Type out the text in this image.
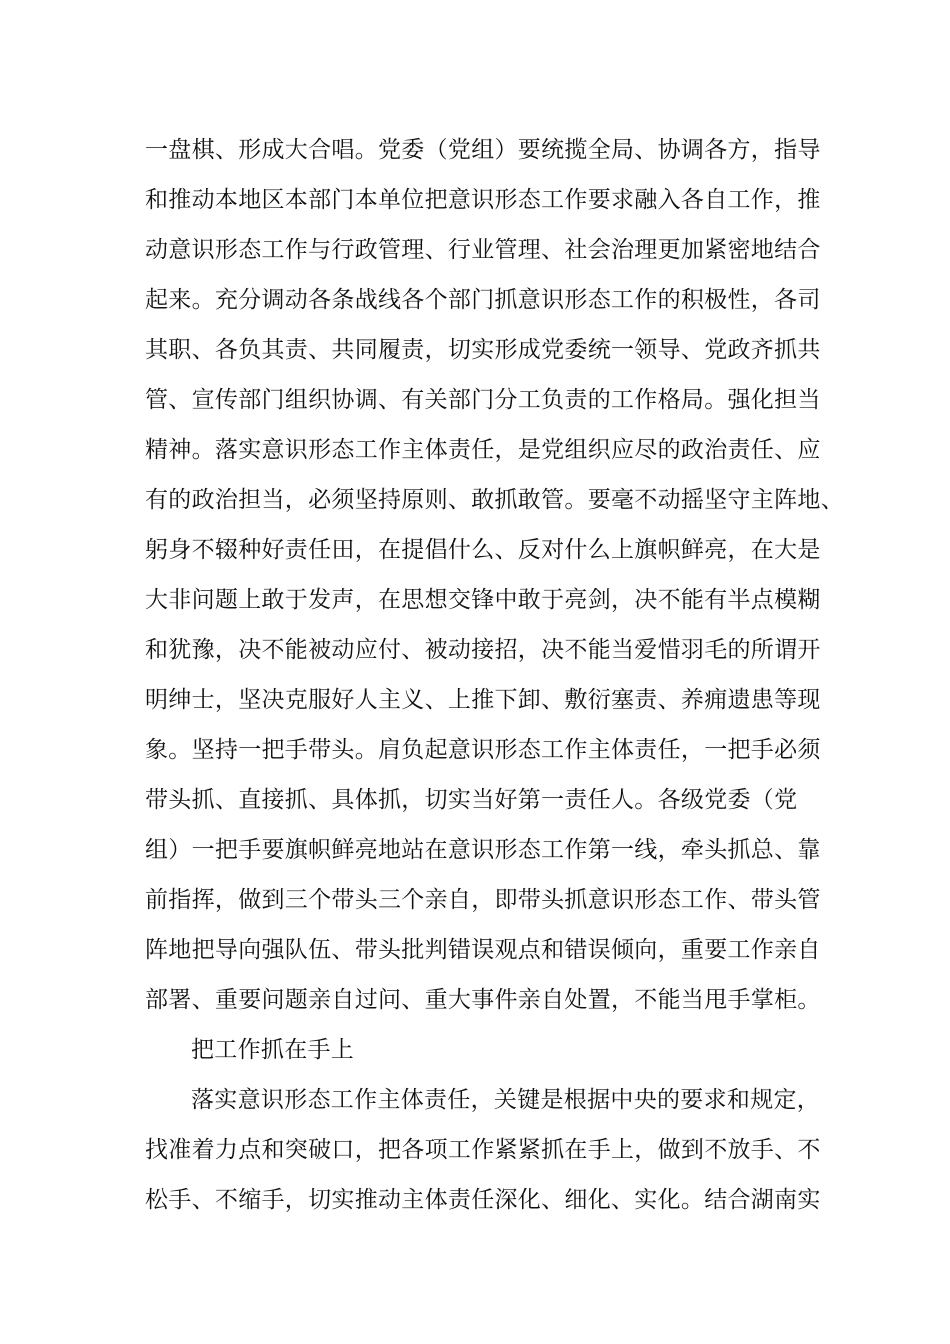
一盘棋、形成大合唱。党委（党组）要统揽全局、协调各方，指导
和推动本地区本部门本单位把意识形态工作要求融入各自工作，推
动意识形态工作与行政管理、行业管理、社会治理更加紧密地结合
起来。充分调动各条战线各个部门抓意识形态工作的积极性，各司
其职、各负其责、共同履责，切实形成党委统一领导、党政齐抓共
管、宣传部门组织协调、有关部门分工负责的工作格局。强化担当
精神。落实意识形态工作主体责任，是党组织应尽的政治责任、应
有的政治担当，必须坚持原则、敢抓敢管。要毫不动摇坚守主阵地、
躬身不辍种好责任田，在提倡什么、反对什么上旗帜鲜亮，在大是
大非问题上敢于发声，在思想交锋中敢于亮剑，决不能有半点模糊
和犹豫，决不能被动应付、被动接招，决不能当爱惜羽毛的所谓开
明绅士，坚决克服好人主义、上推下卸、敷衍塞责、养痈遗患等现
象。坚持一把手带头。肩负起意识形态工作主体责任，一把手必须
带头抓、直接抓、具体抓，切实当好第一责任人。各级党委（党
组）一把手要旗帜鲜亮地站在意识形态工作第一线，牵头抓总、靠
前指挥，做到三个带头三个亲自，即带头抓意识形态工作、带头管
阵地把导向强队伍、带头批判错误观点和错误倾向，重要工作亲自
部署、重要问题亲自过问、重大事件亲自处置，不能当甩手掌柜。
把工作抓在手上
落实意识形态工作主体责任，关键是根据中央的要求和规定，
找准着力点和突破口，把各项工作紧紧抓在手上，做到不放手、不
松手、不缩手，切实推动主体责任深化、细化、实化。结合湖南实
